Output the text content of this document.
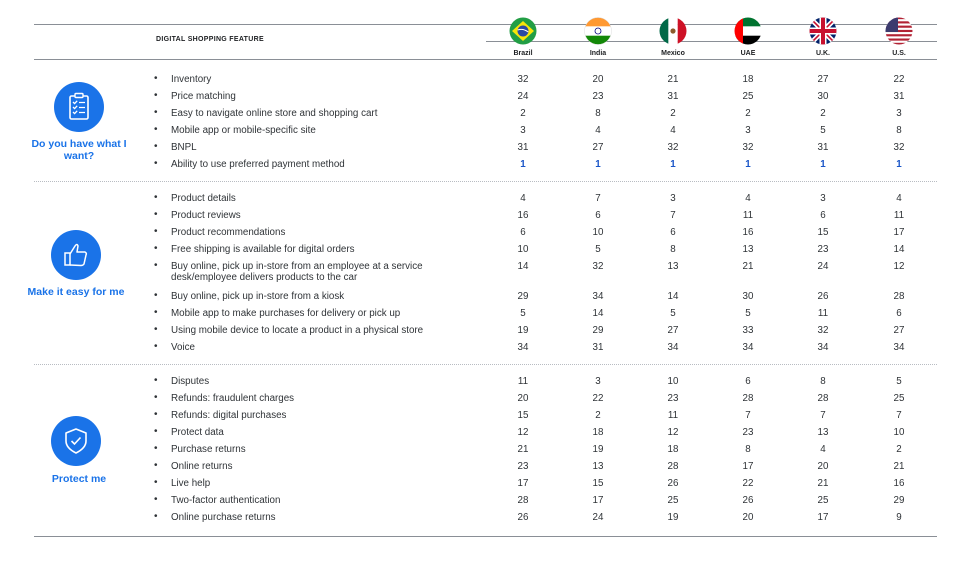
DIGITAL SHOPPING FEATURE
Brazil	India	Mexico	UAE	U.K.	U.S.
Do you have what I want?
Make it easy for me
Protect me
• Inventory	32	20	21	18	27	22
• Price matching	24	23	31	25	30	31
• Easy to navigate online store and shopping cart	2	8	2	2	2	3
• Mobile app or mobile-specific site	3	4	4	3	5	8
• BNPL	31	27	32	32	31	32
• Ability to use preferred payment method	1	1	1	1	1	1
• Product details	4	7	3	4	3	4
• Product reviews	16	6	7	11	6	11
• Product recommendations	6	10	6	16	15	17
• Free shipping is available for digital orders	10	5	8	13	23	14
• Buy online, pick up in-store from an employee at a service desk/employee delivers products to the car
14	32	13	21	24	12
• Buy online, pick up in-store from a kiosk	29	34	14	30	26	28
• Mobile app to make purchases for delivery or pick up	5	14	5	5	11	6
• Using mobile device to locate a product in a physical store	19	29	27	33	32	27
• Voice	34	31	34	34	34	34
• Disputes	11	3	10	6	8	5
• Refunds: fraudulent charges	20	22	23	28	28	25
• Refunds: digital purchases	15	2	11	7	7	7
• Protect data	12	18	12	23	13	10
• Purchase returns	21	19	18	8	4	2
• Online returns	23	13	28	17	20	21
• Live help	17	15	26	22	21	16
• Two-factor authentication	28	17	25	26	25	29
• Online purchase returns	26	24	19	20	17	9
